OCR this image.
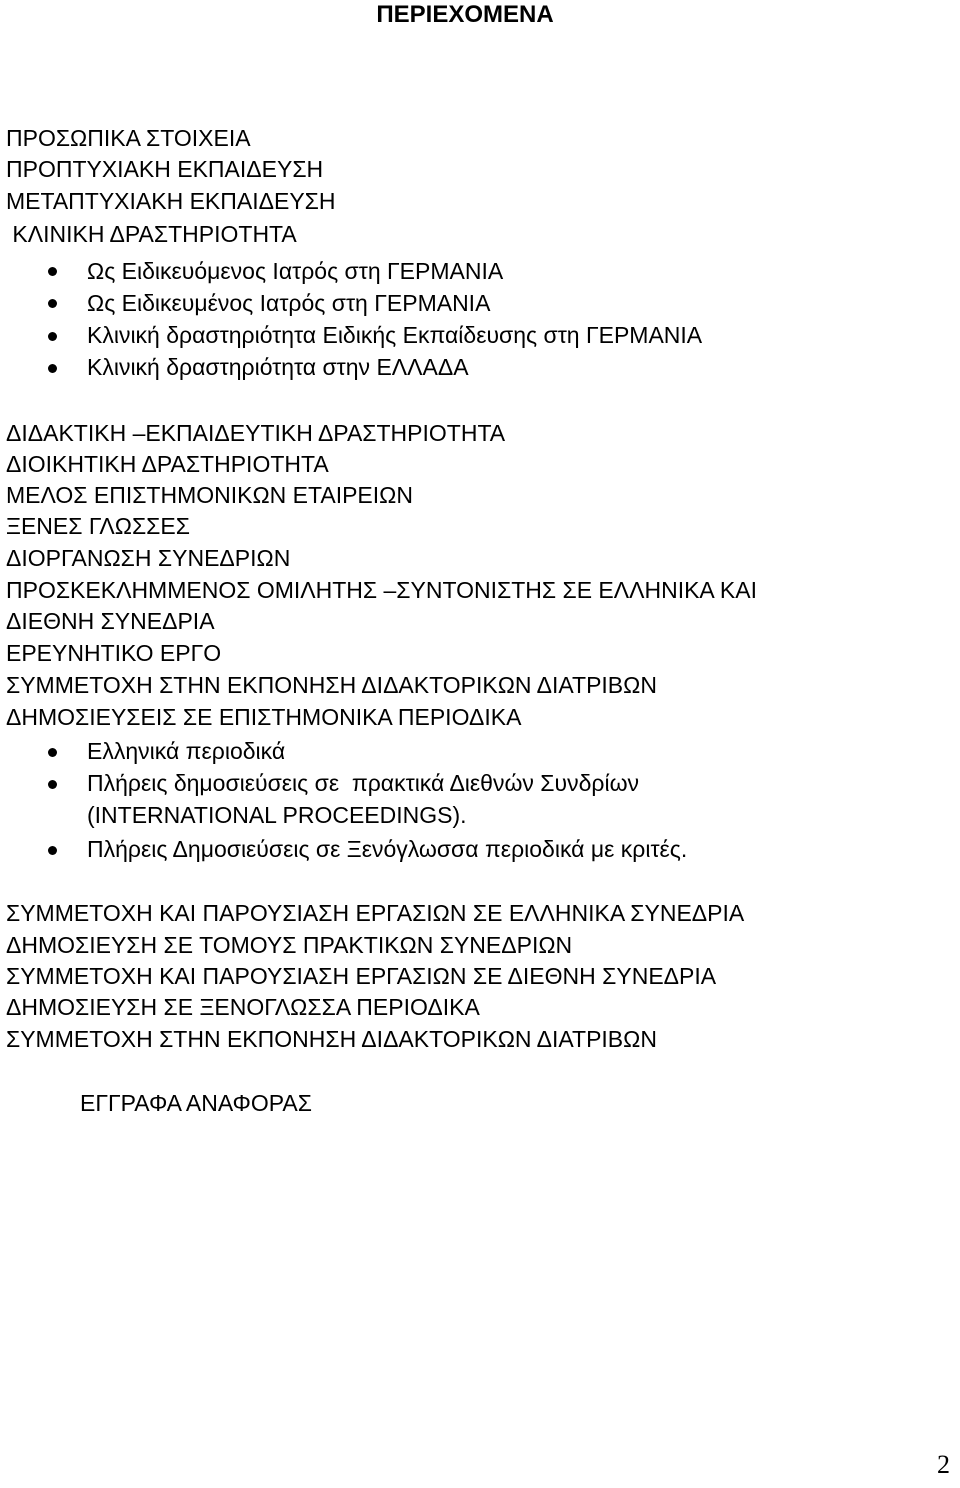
ΠΕΡΙΕΧΟΜΕΝΑ
ΠΡΟΣΩΠΙΚΑ ΣΤΟΙΧΕΙΑ
ΠΡΟΠΤΥΧΙΑΚΗ ΕΚΠΑΙΔΕΥΣΗ
ΜΕΤΑΠΤΥΧΙΑΚΗ ΕΚΠΑΙΔΕΥΣΗ
ΚΛΙΝΙΚΗ ΔΡΑΣΤΗΡΙΟΤΗΤΑ
Ως Ειδικευόμενος Ιατρός στη ΓΕΡΜΑΝΙΑ
Ως Ειδικευμένος Ιατρός στη ΓΕΡΜΑΝΙΑ
Κλινική δραστηριότητα Ειδικής Εκπαίδευσης στη ΓΕΡΜΑΝΙΑ
Κλινική δραστηριότητα στην ΕΛΛΑΔΑ
ΔΙΔΑΚΤΙΚΗ –ΕΚΠΑΙΔΕΥΤΙΚΗ ΔΡΑΣΤΗΡΙΟΤΗΤΑ
ΔΙΟΙΚΗΤΙΚΗ ΔΡΑΣΤΗΡΙΟΤΗΤΑ
ΜΕΛΟΣ ΕΠΙΣΤΗΜΟΝΙΚΩΝ ΕΤΑΙΡΕΙΩΝ
ΞΕΝΕΣ ΓΛΩΣΣΕΣ
ΔΙΟΡΓΑΝΩΣΗ ΣΥΝΕΔΡΙΩΝ
ΠΡΟΣΚΕΚΛΗΜΜΕΝΟΣ ΟΜΙΛΗΤΗΣ –ΣΥΝΤΟΝΙΣΤΗΣ ΣΕ ΕΛΛΗΝΙΚΑ ΚΑΙ
ΔΙΕΘΝΗ ΣΥΝΕΔΡΙΑ
ΕΡΕΥΝΗΤΙΚΟ ΕΡΓΟ
ΣΥΜΜΕΤΟΧΗ ΣΤΗΝ ΕΚΠΟΝΗΣΗ ΔΙΔΑΚΤΟΡΙΚΩΝ ΔΙΑΤΡΙΒΩΝ
ΔΗΜΟΣΙΕΥΣΕΙΣ ΣΕ ΕΠΙΣΤΗΜΟΝΙΚΑ ΠΕΡΙΟΔΙΚΑ
Ελληνικά περιοδικά
Πλήρεις δημοσιεύσεις σε  πρακτικά Διεθνών Συνδρίων
(INTERNATIONAL PROCEEDINGS).
Πλήρεις Δημοσιεύσεις σε Ξενόγλωσσα περιοδικά με κριτές.
ΣΥΜΜΕΤΟΧΗ ΚΑΙ ΠΑΡΟΥΣΙΑΣΗ ΕΡΓΑΣΙΩΝ ΣΕ ΕΛΛΗΝΙΚΑ ΣΥΝΕΔΡΙΑ
ΔΗΜΟΣΙΕΥΣΗ ΣΕ ΤΟΜΟΥΣ ΠΡΑΚΤΙΚΩΝ ΣΥΝΕΔΡΙΩΝ
ΣΥΜΜΕΤΟΧΗ ΚΑΙ ΠΑΡΟΥΣΙΑΣΗ ΕΡΓΑΣΙΩΝ ΣΕ ΔΙΕΘΝΗ ΣΥΝΕΔΡΙΑ
ΔΗΜΟΣΙΕΥΣΗ ΣΕ ΞΕΝΟΓΛΩΣΣΑ ΠΕΡΙΟΔΙΚΑ
ΣΥΜΜΕΤΟΧΗ ΣΤΗΝ ΕΚΠΟΝΗΣΗ ΔΙΔΑΚΤΟΡΙΚΩΝ ΔΙΑΤΡΙΒΩΝ
ΕΓΓΡΑΦΑ ΑΝΑΦΟΡΑΣ
2
